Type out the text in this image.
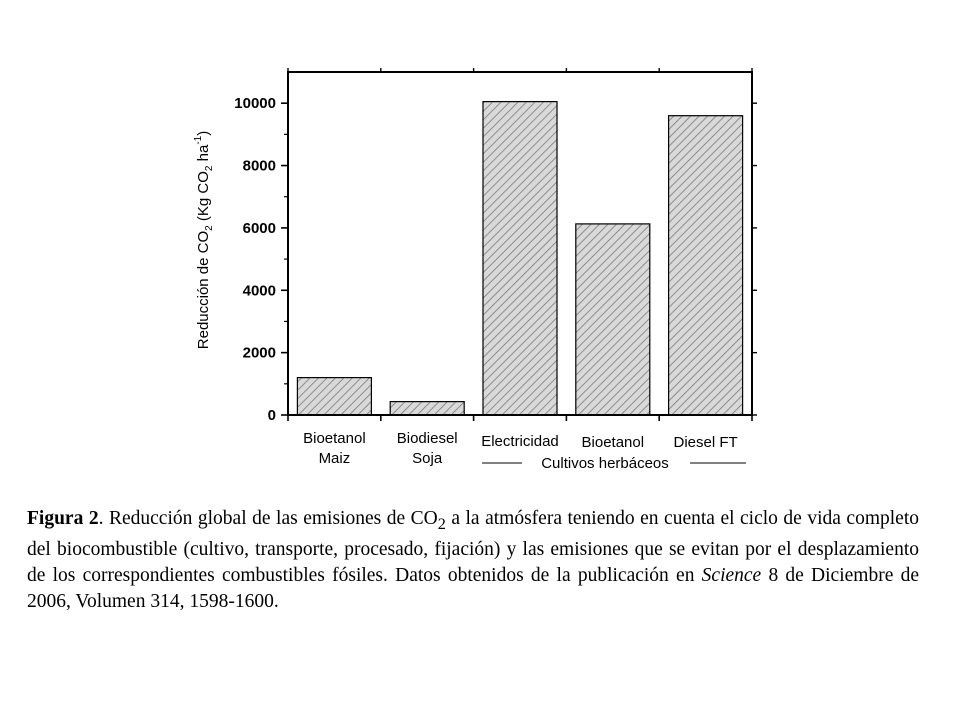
0
2000
4000
6000
8000
10000
Bioetanol
Maiz
Biodiesel
Soja
Electricidad Bioetanol Diesel FT
Cultivos herbáceos
Reducción de $CO_2$ (Kg $CO_2$ $ha^{-1}$)
Figura 2. Reducción global de las emisiones de $CO_2$ a la atmósfera teniendo en cuenta el ciclo de vida completo del biocombustible (cultivo, transporte, procesado, fijación) y las emisiones que se evitan por el desplazamiento de los correspondientes combustibles fósiles. Datos obtenidos de la publicación en Science 8 de Diciembre de 2006, Volumen 314, 1598-1600.
